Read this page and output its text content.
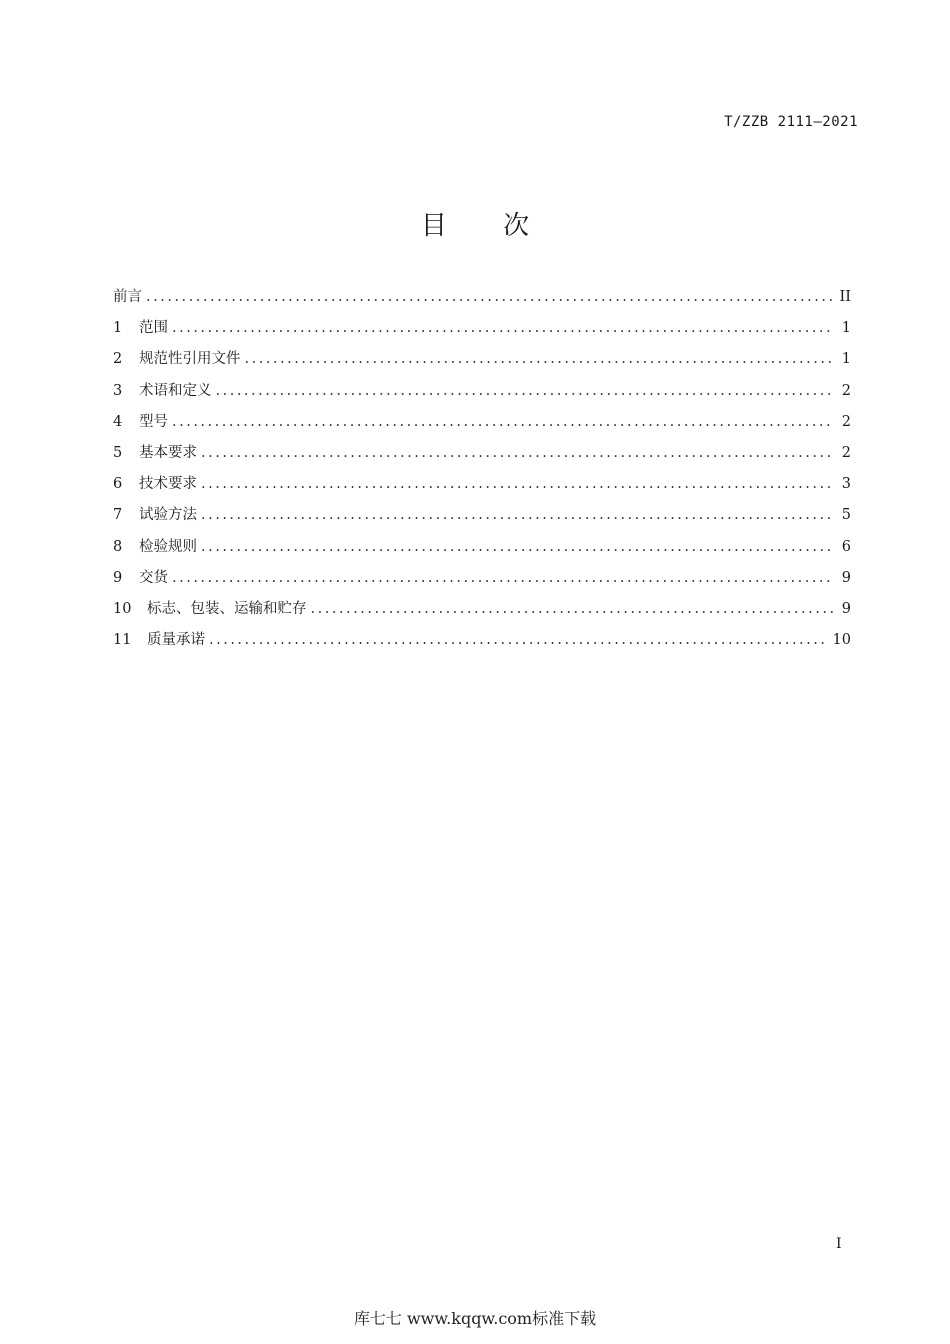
T/ZZB 2111—2021
目 次
前言 .....	II
1	范围 .....	1
2	规范性引用文件 .....	1
3	术语和定义 .....	2
4	型号 .....	2
5	基本要求 .....	2
6	技术要求 .....	3
7	试验方法 .....	5
8	检验规则 .....	6
9	交货 .....	9
10	标志、包装、运输和贮存 .....	9
11	质量承诺 .....	10
I
库七七 www.kqqw.com标准下载
